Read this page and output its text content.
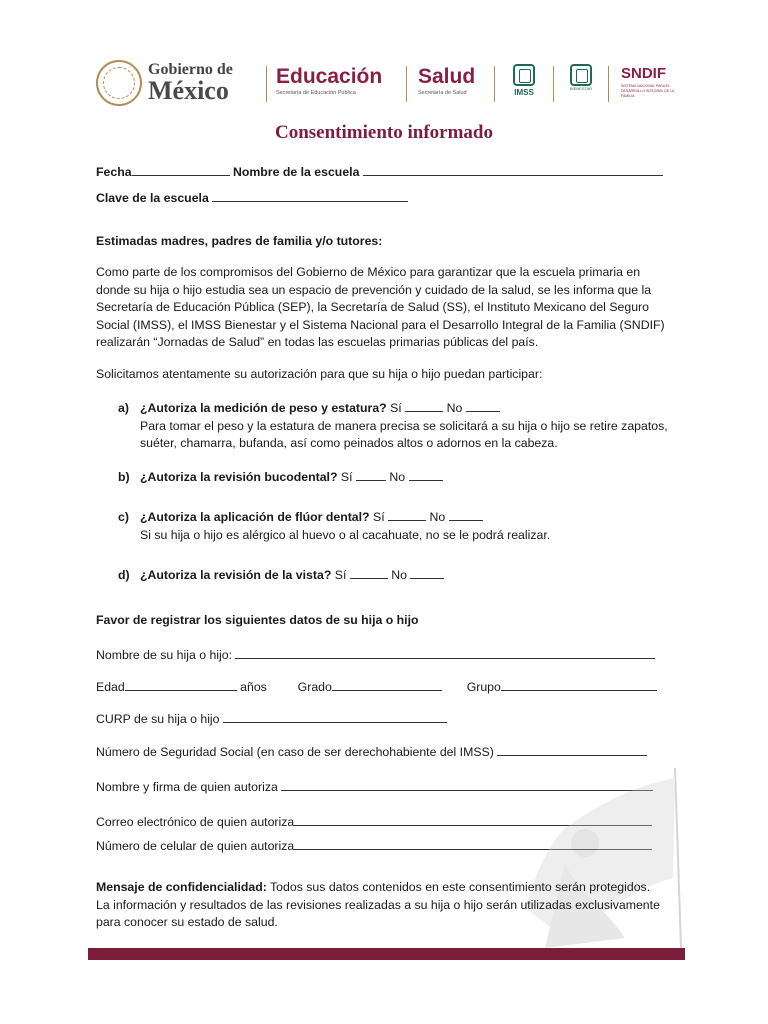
Gobierno de
México Educación
Secretaría de Educación Pública
Salud
Secretaría de Salud	IMSS	BIENESTAR
SNDIF
SISTEMA NACIONAL PARA EL DESARROLLO INTEGRAL DE LA FAMILIA
Consentimiento informado
Fecha	Nombre de la escuela
Clave de la escuela
Estimadas madres, padres de familia y/o tutores:

Como parte de los compromisos del Gobierno de México para garantizar que la escuela primaria en

donde su hija o hijo estudia sea un espacio de prevención y cuidado de la salud, se les informa que la

Secretaría de Educación Pública (SEP), la Secretaría de Salud (SS), el Instituto Mexicano del Seguro

Social (IMSS), el IMSS Bienestar y el Sistema Nacional para el Desarrollo Integral de la Familia (SNDIF)

realizarán “Jornadas de Salud” en todas las escuelas primarias públicas del país.

Solicitamos atentamente su autorización para que su hija o hijo puedan participar:
a) ¿Autoriza la medición de peso y estatura? Sí	No
Para tomar el peso y la estatura de manera precisa se solicitará a su hija o hijo se retire zapatos,
suéter, chamarra, bufanda, así como peinados altos o adornos en la cabeza.
b) ¿Autoriza la revisión bucodental? Sí	No
c) ¿Autoriza la aplicación de flúor dental? Sí	No
Si su hija o hijo es alérgico al huevo o al cacahuate, no se le podrá realizar.
d) ¿Autoriza la revisión de la vista? Sí	No
Favor de registrar los siguientes datos de su hija o hijo
Nombre de su hija o hijo:
Edad	años	Grado	Grupo
CURP de su hija o hijo
Número de Seguridad Social (en caso de ser derechohabiente del IMSS)
Nombre y firma de quien autoriza
Correo electrónico de quien autoriza
Número de celular de quien autoriza

Mensaje de confidencialidad: Todos sus datos contenidos en este consentimiento serán protegidos.

La información y resultados de las revisiones realizadas a su hija o hijo serán utilizadas exclusivamente

para conocer su estado de salud.
